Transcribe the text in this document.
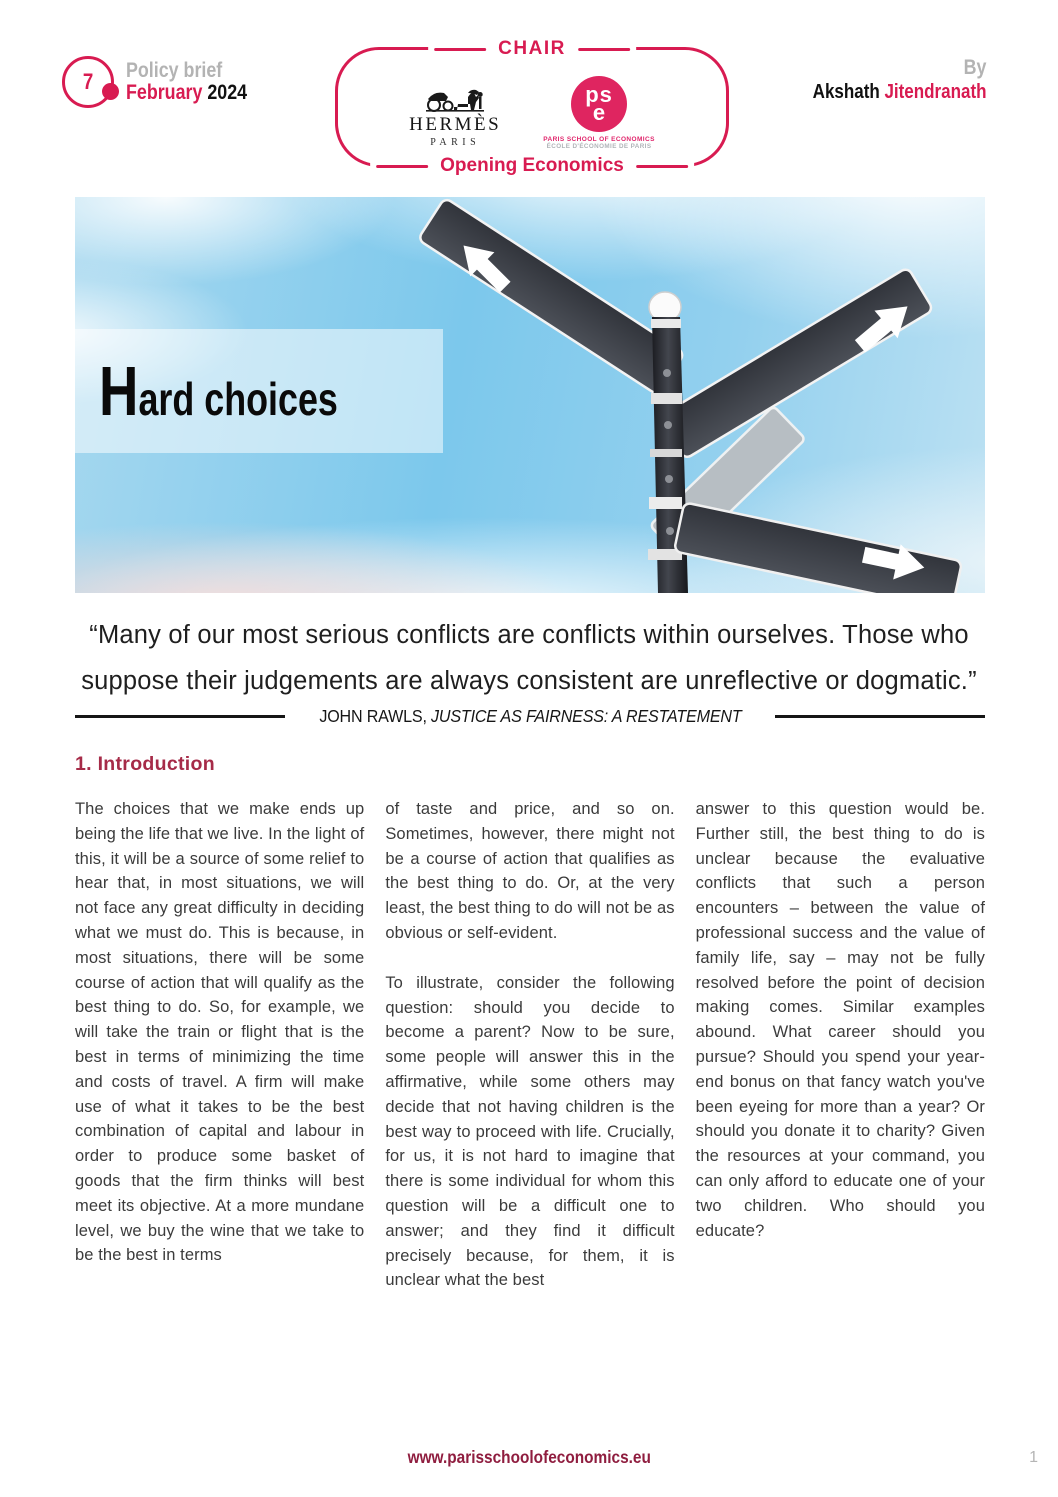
7 Policy brief
February 2024
CHAIR
HERMÈS
PARIS
ps
e
PARIS SCHOOL OF ECONOMICS
ÉCOLE D'ÉCONOMIE DE PARIS
Opening Economics
By
Akshath Jitendranath
Hard choices
“Many of our most serious conflicts are conflicts within ourselves. Those who suppose their judgements are always consistent are unreflective or dogmatic.”
JOHN RAWLS, JUSTICE AS FAIRNESS: A RESTATEMENT
1. Introduction

The choices that we make ends up being the life that we live. In the light of this, it will be a source of some relief to hear that, in most situations, we will not face any great difficulty in deciding what we must do. This is because, in most situations, there will be some course of action that will qualify as the best thing to do. So, for example, we will take the train or flight that is the best in terms of minimizing the time and costs of travel. A firm will make use of what it takes to be the best combination of capital and labour in order to produce some basket of goods that the firm thinks will best meet its objective. At a more mundane level, we buy the wine that we take to be the best in terms

of taste and price, and so on. Sometimes, however, there might not be a course of action that qualifies as the best thing to do. Or, at the very least, the best thing to do will not be as obvious or self-evident.

To illustrate, consider the following question: should you decide to become a parent? Now to be sure, some people will answer this in the affirmative, while some others may decide that not having children is the best way to proceed with life. Crucially, for us, it is not hard to imagine that there is some individual for whom this question will be a difficult one to answer; and they find it difficult precisely because, for them, it is unclear what the best

answer to this question would be. Further still, the best thing to do is unclear because the evaluative conflicts that such a person encounters – between the value of professional success and the value of family life, say – may not be fully resolved before the point of decision making comes. Similar examples abound. What career should you pursue? Should you spend your year-end bonus on that fancy watch you've been eyeing for more than a year? Or should you donate it to charity? Given the resources at your command, you can only afford to educate one of your two children. Who should you educate?

www.parisschoolofeconomics.eu	1
